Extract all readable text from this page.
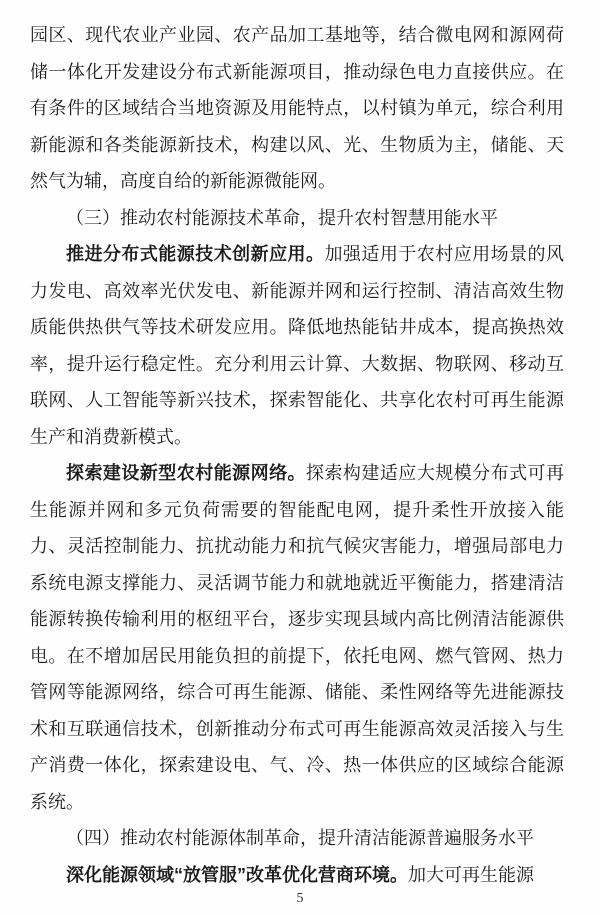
园区、现代农业产业园、农产品加工基地等，结合微电网和源网荷储一体化开发建设分布式新能源项目，推动绿色电力直接供应。在有条件的区域结合当地资源及用能特点，以村镇为单元，综合利用新能源和各类能源新技术，构建以风、光、生物质为主，储能、天然气为辅，高度自给的新能源微能网。

（三）推动农村能源技术革命，提升农村智慧用能水平

推进分布式能源技术创新应用。加强适用于农村应用场景的风力发电、高效率光伏发电、新能源并网和运行控制、清洁高效生物质能供热供气等技术研发应用。降低地热能钻井成本，提高换热效率，提升运行稳定性。充分利用云计算、大数据、物联网、移动互联网、人工智能等新兴技术，探索智能化、共享化农村可再生能源生产和消费新模式。

探索建设新型农村能源网络。探索构建适应大规模分布式可再生能源并网和多元负荷需要的智能配电网，提升柔性开放接入能力、灵活控制能力、抗扰动能力和抗气候灾害能力，增强局部电力系统电源支撑能力、灵活调节能力和就地就近平衡能力，搭建清洁能源转换传输利用的枢纽平台，逐步实现县域内高比例清洁能源供电。在不增加居民用能负担的前提下，依托电网、燃气管网、热力管网等能源网络，综合可再生能源、储能、柔性网络等先进能源技术和互联通信技术，创新推动分布式可再生能源高效灵活接入与生产消费一体化，探索建设电、气、冷、热一体供应的区域综合能源系统。

（四）推动农村能源体制革命，提升清洁能源普遍服务水平

深化能源领域“放管服”改革优化营商环境。加大可再生能源

5
